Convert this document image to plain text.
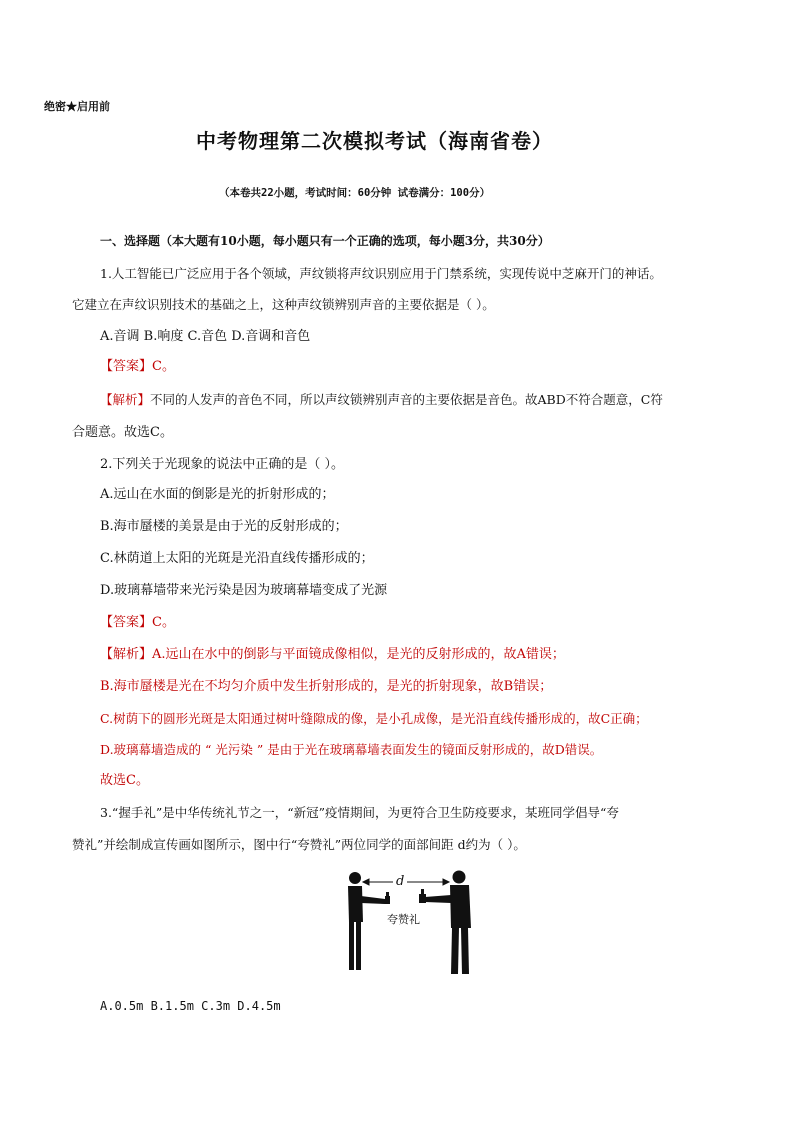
绝密★启用前
中考物理第二次模拟考试（海南省卷）
（本卷共22小题，考试时间：60分钟 试卷满分：100分）
一、选择题（本大题有10小题，每小题只有一个正确的选项，每小题3分，共30分）
1.人工智能已广泛应用于各个领域，声纹锁将声纹识别应用于门禁系统，实现传说中芝麻开门的神话。
它建立在声纹识别技术的基础之上，这种声纹锁辨别声音的主要依据是（ ）。
A.音调 B.响度 C.音色 D.音调和音色
【答案】C。
【解析】不同的人发声的音色不同，所以声纹锁辨别声音的主要依据是音色。故ABD不符合题意，C符
合题意。故选C。
2.下列关于光现象的说法中正确的是（ ）。
A.远山在水面的倒影是光的折射形成的；
B.海市蜃楼的美景是由于光的反射形成的；
C.林荫道上太阳的光斑是光沿直线传播形成的；
D.玻璃幕墙带来光污染是因为玻璃幕墙变成了光源
【答案】C。
【解析】A.远山在水中的倒影与平面镜成像相似，是光的反射形成的，故A错误；
B.海市蜃楼是光在不均匀介质中发生折射形成的，是光的折射现象，故B错误；
C.树荫下的圆形光斑是太阳通过树叶缝隙成的像，是小孔成像，是光沿直线传播形成的，故C正确；
D.玻璃幕墙造成的 “ 光污染 ” 是由于光在玻璃幕墙表面发生的镜面反射形成的，故D错误。
故选C。
3.“握手礼”是中华传统礼节之一，“新冠”疫情期间，为更符合卫生防疫要求，某班同学倡导“夸
赞礼”并绘制成宣传画如图所示，图中行“夸赞礼”两位同学的面部间距 d约为（ ）。
d
夸赞礼
A.0.5m B.1.5m C.3m D.4.5m
